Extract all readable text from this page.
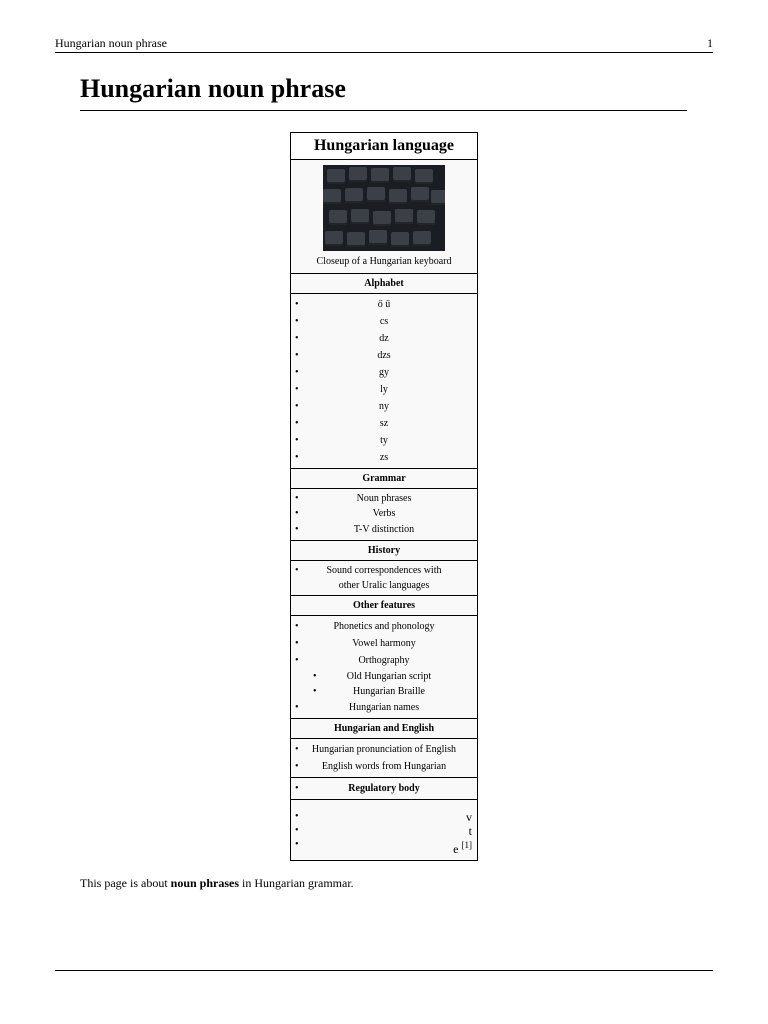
Hungarian noun phrase	1
Hungarian noun phrase
Hungarian language
Closeup of a Hungarian keyboard
Alphabet
•	ő ű
•	cs
•	dz
•	dzs
•	gy
•	ly
•	ny
•	sz
•	ty
•	zs
Grammar
•	Noun phrases
•	Verbs
•	T-V distinction
History
•	Sound correspondences with
other Uralic languages
Other features
•	Phonetics and phonology
•	Vowel harmony
•	Orthography
•	Old Hungarian script
•	Hungarian Braille
•	Hungarian names
Hungarian and English
• Hungarian pronunciation of English
• English words from Hungarian
•	Regulatory body
•	v
•	t
•	e [1]

This page is about noun phrases in Hungarian grammar.
